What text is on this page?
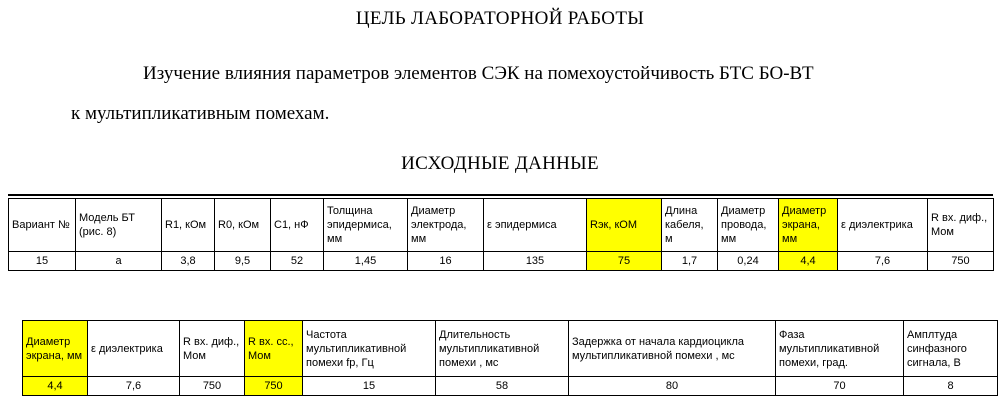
ЦЕЛЬ ЛАБОРАТОРНОЙ РАБОТЫ
Изучение влияния параметров элементов СЭК на помехоустойчивость БТС БО-ВТ
к мультипликативным помехам.
ИСХОДНЫЕ ДАННЫЕ
Вариант №	Модель БТ (рис. 8)	R1, кОм	R0, кОм	C1, нФ	Толщина эпидермиса, мм	Диаметр электрода, мм	ε эпидермиса	Rэк, кОМ	Длина кабеля, м	Диаметр провода, мм	Диаметр экрана, мм	ε диэлектрика	R вх. диф., Мом
15	а	3,8	9,5	52	1,45	16	135	75	1,7	0,24	4,4	7,6	750
Диаметр экрана, мм	ε диэлектрика	R вх. диф., Мом	R вх. сс., Мом	Частота мультипликативной помехи fp, Гц	Длительность мультипликативной помехи , мс	Задержка от начала кардиоцикла мультипликативной помехи , мс	Фаза мультипликативной помехи, град.	Амплтуда синфазного сигнала, В
4,4	7,6	750	750	15	58	80	70	8
